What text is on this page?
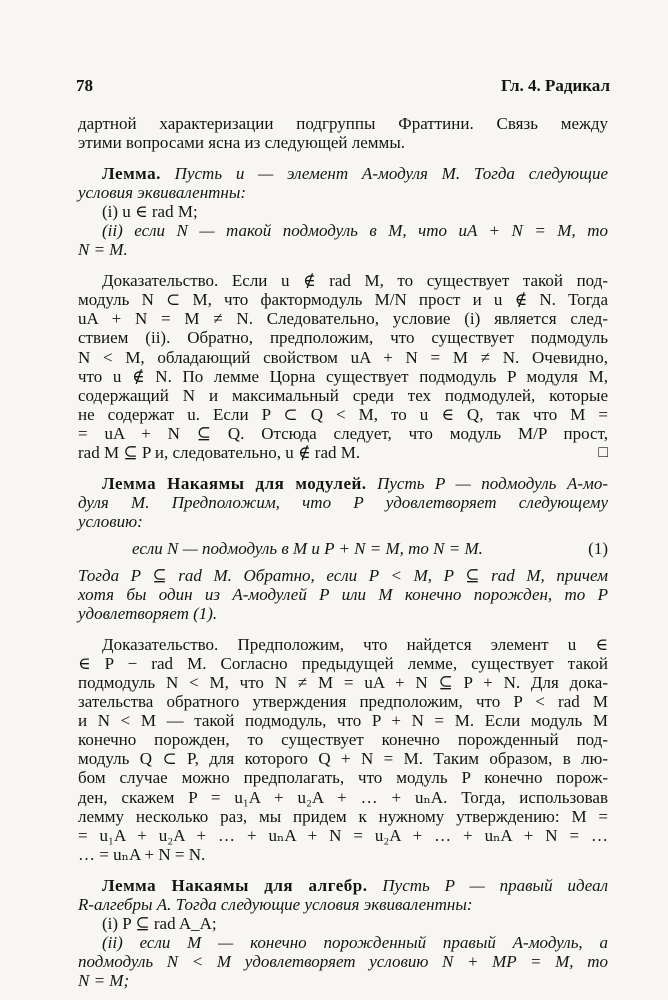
78	Гл. 4. Радикал
дартной характеризации подгруппы Фраттини. Связь между
этими вопросами ясна из следующей леммы.
Лемма. Пусть u — элемент A-модуля M. Тогда следующие
условия эквивалентны:
(i) u ∈ rad M;
(ii) если N — такой подмодуль в M, что uA + N = M, то
N = M.
Доказательство. Если u ∉ rad M, то существует такой под-
модуль N ⊂ M, что фактормодуль M/N прост и u ∉ N. Тогда
uA + N = M ≠ N. Следовательно, условие (i) является след-
ствием (ii). Обратно, предположим, что существует подмодуль
N < M, обладающий свойством uA + N = M ≠ N. Очевидно,
что u ∉ N. По лемме Цорна существует подмодуль P модуля M,
содержащий N и максимальный среди тех подмодулей, которые
не содержат u. Если P ⊂ Q < M, то u ∈ Q, так что M =
= uA + N ⊆ Q. Отсюда следует, что модуль M/P прост,
rad M ⊆ P и, следовательно, u ∉ rad M.	□
Лемма Накаямы для модулей. Пусть P — подмодуль A-мо-
дуля M. Предположим, что P удовлетворяет следующему
условию:
если N — подмодуль в M и P + N = M, то N = M.	(1)
Тогда P ⊆ rad M. Обратно, если P < M, P ⊆ rad M, причем
хотя бы один из A-модулей P или M конечно порожден, то P
удовлетворяет (1).
Доказательство. Предположим, что найдется элемент u ∈
∈ P − rad M. Согласно предыдущей лемме, существует такой
подмодуль N < M, что N ≠ M = uA + N ⊆ P + N. Для дока-
зательства обратного утверждения предположим, что P < rad M
и N < M — такой подмодуль, что P + N = M. Если модуль M
конечно порожден, то существует конечно порожденный под-
модуль Q ⊂ P, для которого Q + N = M. Таким образом, в лю-
бом случае можно предполагать, что модуль P конечно порож-
ден, скажем P = u₁A + u₂A + … + uₙA. Тогда, использовав
лемму несколько раз, мы придем к нужному утверждению: M =
= u₁A + u₂A + … + uₙA + N = u₂A + … + uₙA + N = …
… = uₙA + N = N.
Лемма Накаямы для алгебр. Пусть P — правый идеал
R-алгебры A. Тогда следующие условия эквивалентны:
(i) P ⊆ rad A_A;
(ii) если M — конечно порожденный правый A-модуль, а
подмодуль N < M удовлетворяет условию N + MP = M, то
N = M;
